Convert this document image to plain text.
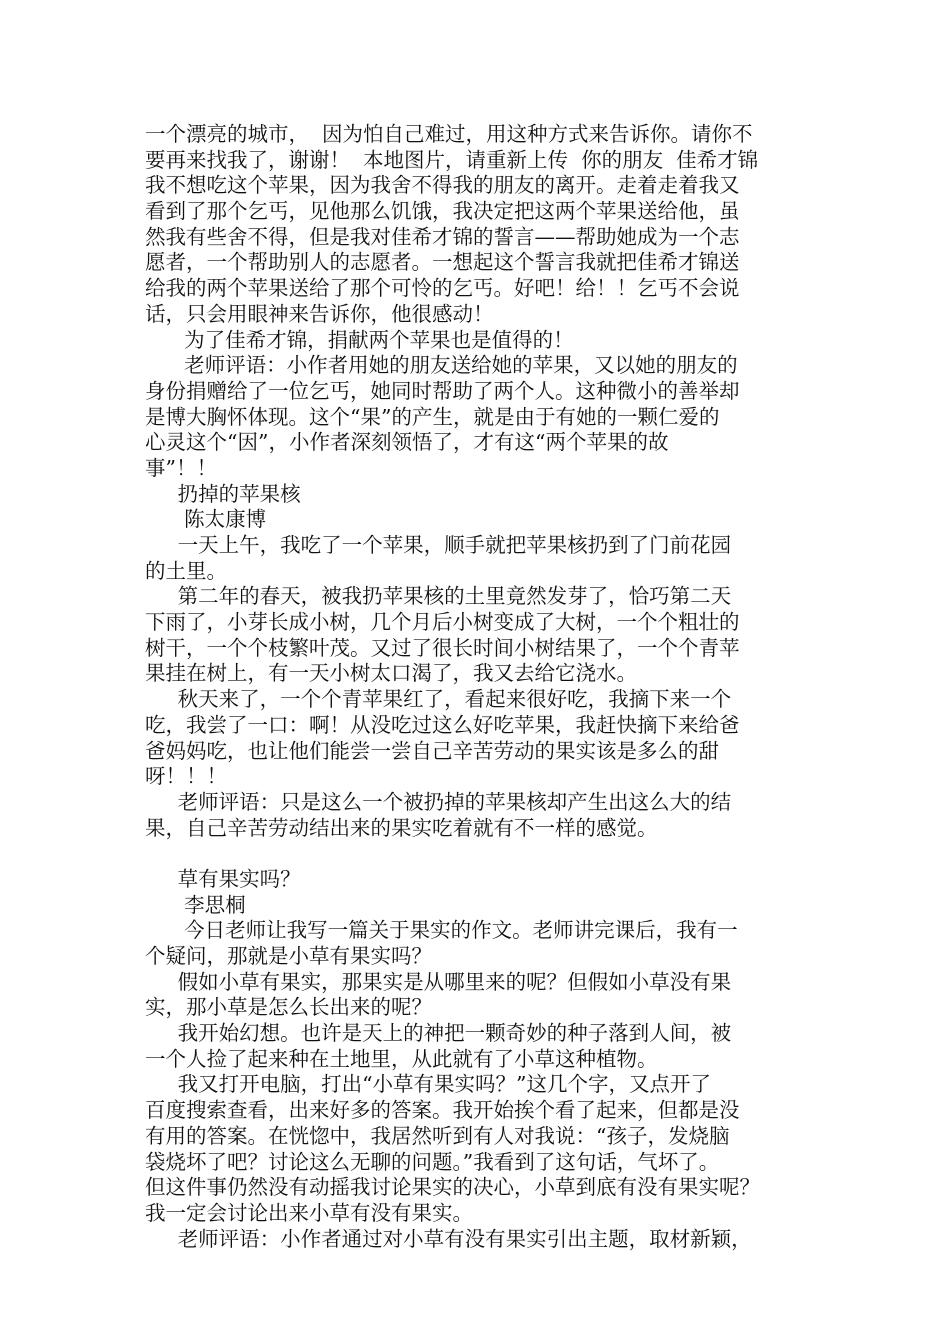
一个漂亮的城市，  因为怕自己难过，用这种方式来告诉你。请你不
要再来找我了，谢谢！  本地图片，请重新上传  你的朋友  佳希才锦
我不想吃这个苹果，因为我舍不得我的朋友的离开。走着走着我又
看到了那个乞丐，见他那么饥饿，我决定把这两个苹果送给他，虽
然我有些舍不得，但是我对佳希才锦的誓言——帮助她成为一个志
愿者，一个帮助别人的志愿者。一想起这个誓言我就把佳希才锦送
给我的两个苹果送给了那个可怜的乞丐。好吧！给！！乞丐不会说
话，只会用眼神来告诉你，他很感动！
为了佳希才锦，捐献两个苹果也是值得的！
老师评语：小作者用她的朋友送给她的苹果，又以她的朋友的
身份捐赠给了一位乞丐，她同时帮助了两个人。这种微小的善举却
是博大胸怀体现。这个“果”的产生，就是由于有她的一颗仁爱的
心灵这个“因”，小作者深刻领悟了，才有这“两个苹果的故
事”！！
扔掉的苹果核
陈太康博
一天上午，我吃了一个苹果，顺手就把苹果核扔到了门前花园
的土里。
第二年的春天，被我扔苹果核的土里竟然发芽了，恰巧第二天
下雨了，小芽长成小树，几个月后小树变成了大树，一个个粗壮的
树干，一个个枝繁叶茂。又过了很长时间小树结果了，一个个青苹
果挂在树上，有一天小树太口渴了，我又去给它浇水。
秋天来了，一个个青苹果红了，看起来很好吃，我摘下来一个
吃，我尝了一口：啊！从没吃过这么好吃苹果，我赶快摘下来给爸
爸妈妈吃，也让他们能尝一尝自己辛苦劳动的果实该是多么的甜
呀！！！
老师评语：只是这么一个被扔掉的苹果核却产生出这么大的结
果，自己辛苦劳动结出来的果实吃着就有不一样的感觉。
草有果实吗？
李思桐
今日老师让我写一篇关于果实的作文。老师讲完课后，我有一
个疑问，那就是小草有果实吗？
假如小草有果实，那果实是从哪里来的呢？但假如小草没有果
实，那小草是怎么长出来的呢？
我开始幻想。也许是天上的神把一颗奇妙的种子落到人间，被
一个人捡了起来种在土地里，从此就有了小草这种植物。
我又打开电脑，打出“小草有果实吗？”这几个字，又点开了
百度搜索查看，出来好多的答案。我开始挨个看了起来，但都是没
有用的答案。在恍惚中，我居然听到有人对我说：“孩子，发烧脑
袋烧坏了吧？讨论这么无聊的问题。”我看到了这句话，气坏了。
但这件事仍然没有动摇我讨论果实的决心，小草到底有没有果实呢？
我一定会讨论出来小草有没有果实。
老师评语：小作者通过对小草有没有果实引出主题，取材新颖，
